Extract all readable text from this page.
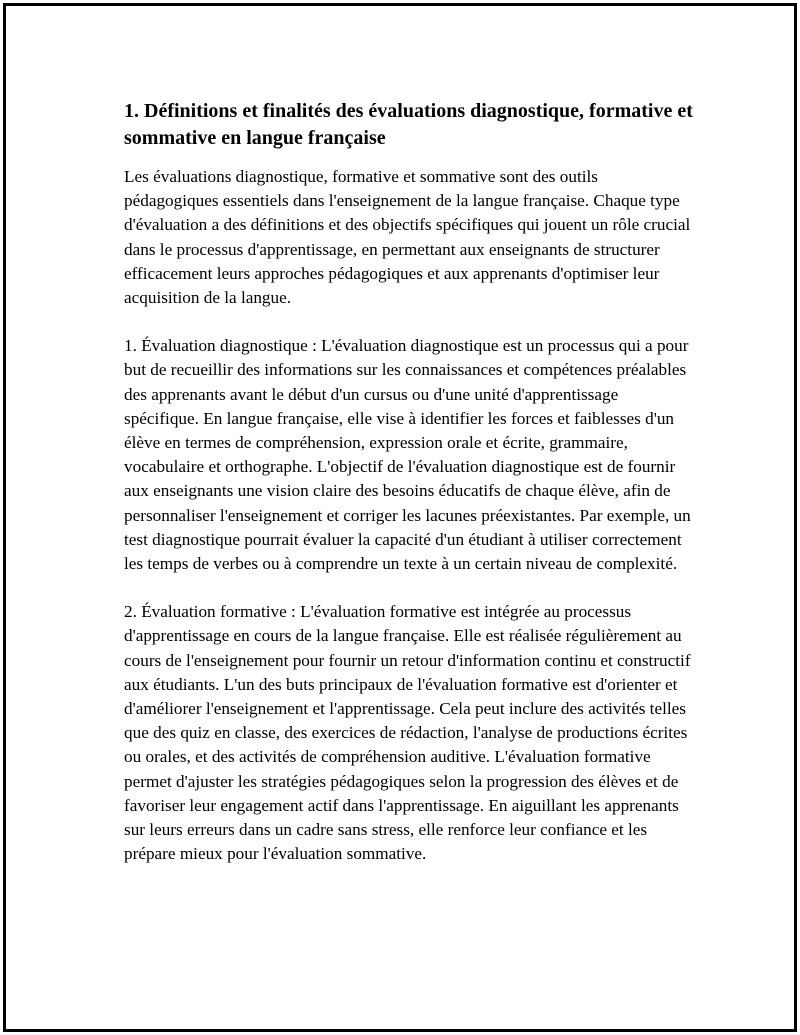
1. Définitions et finalités des évaluations diagnostique, formative et sommative en langue française

Les évaluations diagnostique, formative et sommative sont des outils pédagogiques essentiels dans l'enseignement de la langue française. Chaque type d'évaluation a des définitions et des objectifs spécifiques qui jouent un rôle crucial dans le processus d'apprentissage, en permettant aux enseignants de structurer efficacement leurs approches pédagogiques et aux apprenants d'optimiser leur acquisition de la langue.

1. Évaluation diagnostique : L'évaluation diagnostique est un processus qui a pour but de recueillir des informations sur les connaissances et compétences préalables des apprenants avant le début d'un cursus ou d'une unité d'apprentissage spécifique. En langue française, elle vise à identifier les forces et faiblesses d'un élève en termes de compréhension, expression orale et écrite, grammaire, vocabulaire et orthographe. L'objectif de l'évaluation diagnostique est de fournir aux enseignants une vision claire des besoins éducatifs de chaque élève, afin de personnaliser l'enseignement et corriger les lacunes préexistantes. Par exemple, un test diagnostique pourrait évaluer la capacité d'un étudiant à utiliser correctement les temps de verbes ou à comprendre un texte à un certain niveau de complexité.

2. Évaluation formative : L'évaluation formative est intégrée au processus d'apprentissage en cours de la langue française. Elle est réalisée régulièrement au cours de l'enseignement pour fournir un retour d'information continu et constructif aux étudiants. L'un des buts principaux de l'évaluation formative est d'orienter et d'améliorer l'enseignement et l'apprentissage. Cela peut inclure des activités telles que des quiz en classe, des exercices de rédaction, l'analyse de productions écrites ou orales, et des activités de compréhension auditive. L'évaluation formative permet d'ajuster les stratégies pédagogiques selon la progression des élèves et de favoriser leur engagement actif dans l'apprentissage. En aiguillant les apprenants sur leurs erreurs dans un cadre sans stress, elle renforce leur confiance et les prépare mieux pour l'évaluation sommative.
